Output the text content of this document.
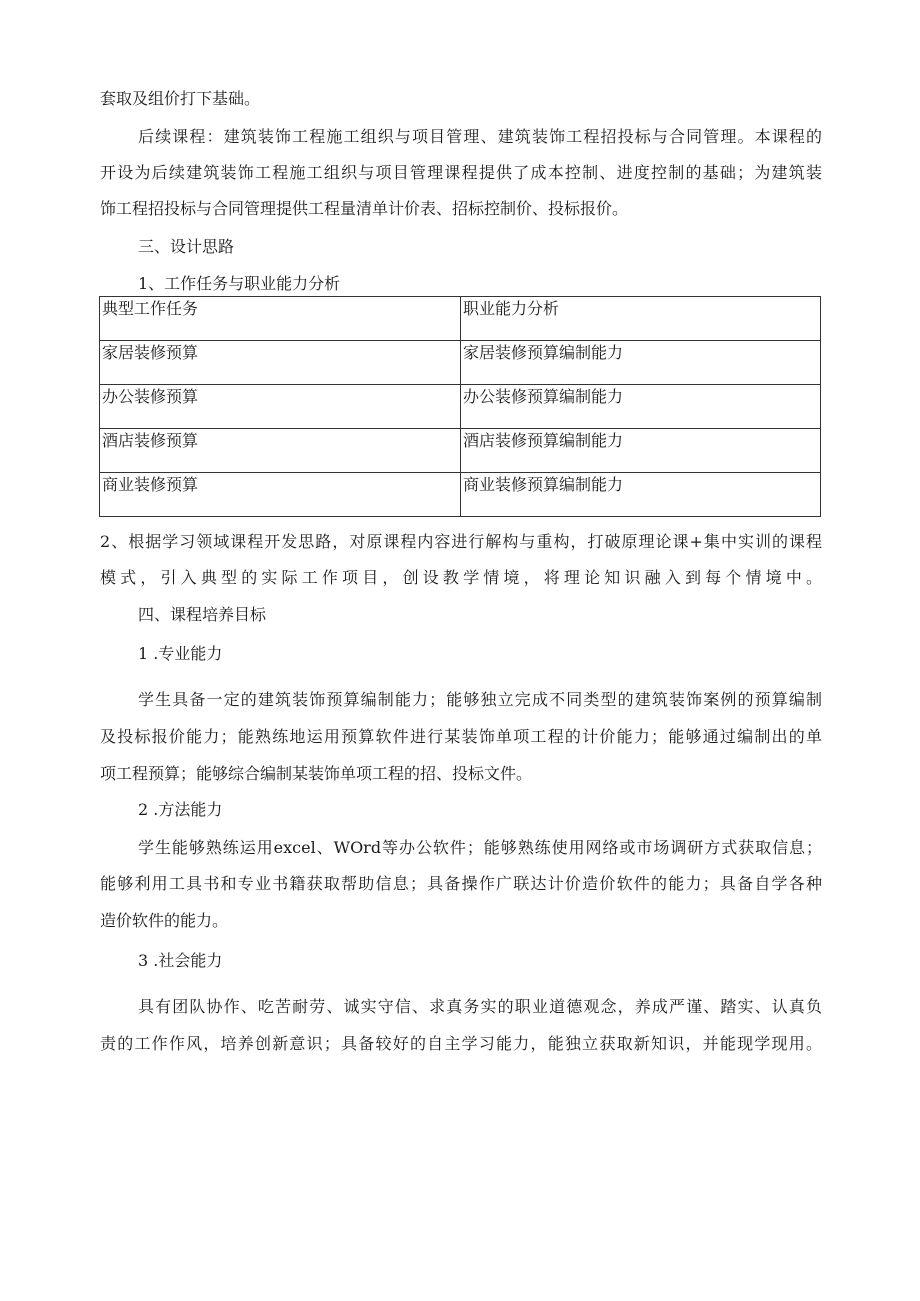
套取及组价打下基础。
后续课程：建筑装饰工程施工组织与项目管理、建筑装饰工程招投标与合同管理。本课程的
开设为后续建筑装饰工程施工组织与项目管理课程提供了成本控制、进度控制的基础；为建筑装
饰工程招投标与合同管理提供工程量清单计价表、招标控制价、投标报价。
三、设计思路
1、工作任务与职业能力分析
典型工作任务	职业能力分析
家居装修预算	家居装修预算编制能力
办公装修预算	办公装修预算编制能力
酒店装修预算	酒店装修预算编制能力
商业装修预算	商业装修预算编制能力
2、根据学习领域课程开发思路，对原课程内容进行解构与重构，打破原理论课+集中实训的课程
模式，引入典型的实际工作项目，创设教学情境，将理论知识融入到每个情境中。
四、课程培养目标
1 .专业能力
学生具备一定的建筑装饰预算编制能力；能够独立完成不同类型的建筑装饰案例的预算编制
及投标报价能力；能熟练地运用预算软件进行某装饰单项工程的计价能力；能够通过编制出的单
项工程预算；能够综合编制某装饰单项工程的招、投标文件。
2 .方法能力
学生能够熟练运用excel、WOrd等办公软件；能够熟练使用网络或市场调研方式获取信息；
能够利用工具书和专业书籍获取帮助信息；具备操作广联达计价造价软件的能力；具备自学各种
造价软件的能力。
3 .社会能力
具有团队协作、吃苦耐劳、诚实守信、求真务实的职业道德观念，养成严谨、踏实、认真负
责的工作作风，培养创新意识；具备较好的自主学习能力，能独立获取新知识，并能现学现用。
